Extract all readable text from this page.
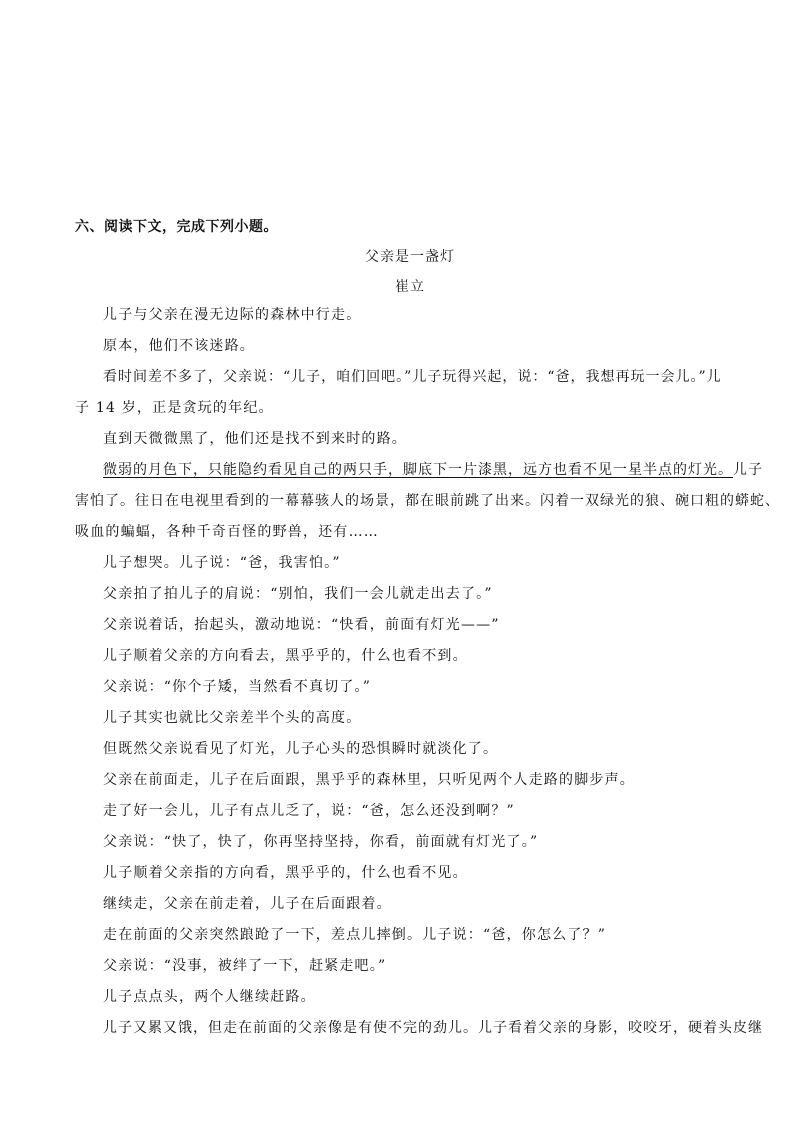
六、阅读下文，完成下列小题。
父亲是一盏灯
崔立
儿子与父亲在漫无边际的森林中行走。
原本，他们不该迷路。
看时间差不多了，父亲说：“儿子，咱们回吧。”儿子玩得兴起，说：“爸，我想再玩一会儿。”儿
子 14 岁，正是贪玩的年纪。
直到天微微黑了，他们还是找不到来时的路。
微弱的月色下，只能隐约看见自己的两只手，脚底下一片漆黑，远方也看不见一星半点的灯光。儿子
害怕了。往日在电视里看到的一幕幕骇人的场景，都在眼前跳了出来。闪着一双绿光的狼、碗口粗的蟒蛇、
吸血的蝙蝠，各种千奇百怪的野兽，还有……
儿子想哭。儿子说：“爸，我害怕。”
父亲拍了拍儿子的肩说：“别怕，我们一会儿就走出去了。”
父亲说着话，抬起头，激动地说：“快看，前面有灯光——”
儿子顺着父亲的方向看去，黑乎乎的，什么也看不到。
父亲说：“你个子矮，当然看不真切了。”
儿子其实也就比父亲差半个头的高度。
但既然父亲说看见了灯光，儿子心头的恐惧瞬时就淡化了。
父亲在前面走，儿子在后面跟，黑乎乎的森林里，只听见两个人走路的脚步声。
走了好一会儿，儿子有点儿乏了，说：“爸，怎么还没到啊？”
父亲说：“快了，快了，你再坚持坚持，你看，前面就有灯光了。”
儿子顺着父亲指的方向看，黑乎乎的，什么也看不见。
继续走，父亲在前走着，儿子在后面跟着。
走在前面的父亲突然踉跄了一下，差点儿摔倒。儿子说：“爸，你怎么了？”
父亲说：“没事，被绊了一下，赶紧走吧。”
儿子点点头，两个人继续赶路。
儿子又累又饿，但走在前面的父亲像是有使不完的劲儿。儿子看着父亲的身影，咬咬牙，硬着头皮继
